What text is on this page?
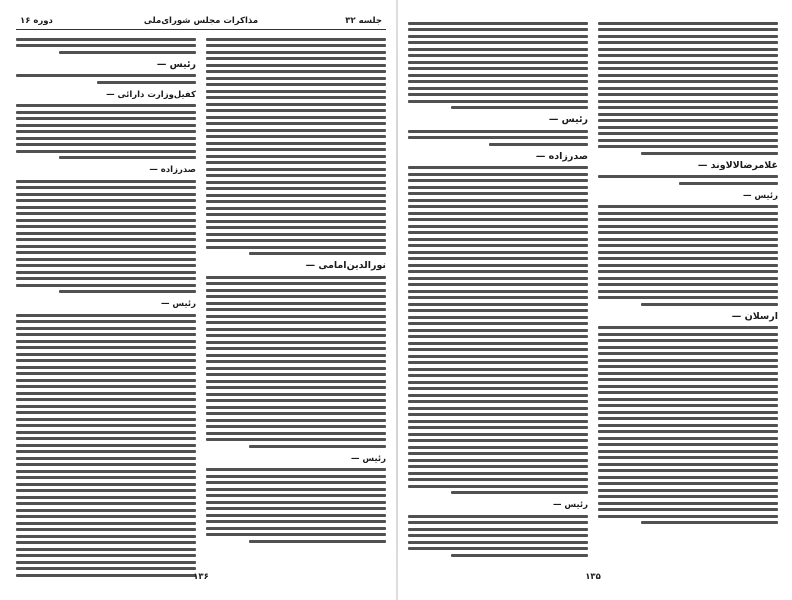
جلسه ۳۲
مذاکرات مجلس شورای‌ملی
دوره ۱۶
رئیس —
کفیل‌وزارت دارائی —
صدرزاده —
رئیس —
نورالدین‌امامی —
رئیس —
۱۳۶
رئیس —
صدرزاده —
رئیس —
غلامرضا‌لالا‌وند —
رئیس —
ارسلان —
۱۳۵
